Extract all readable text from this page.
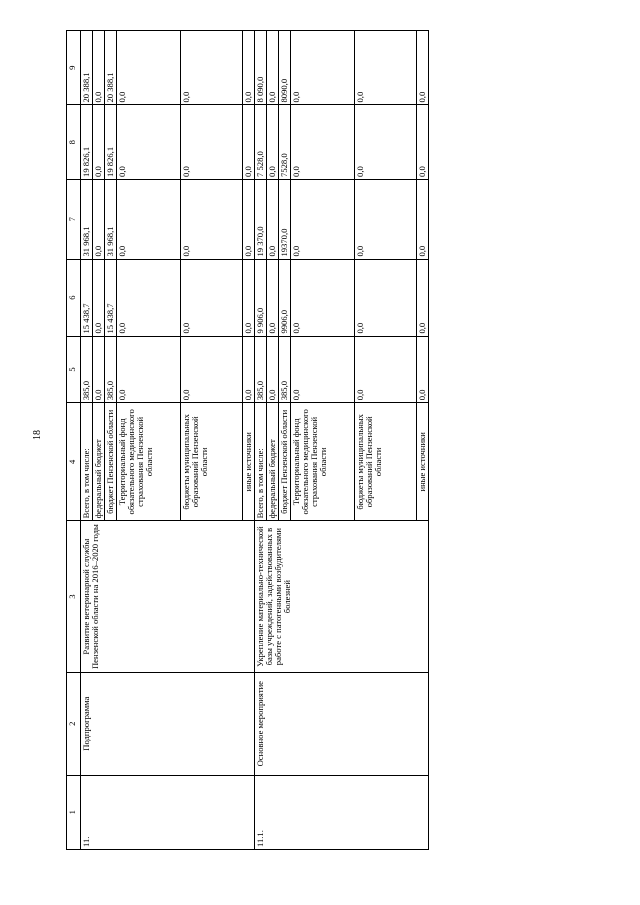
18
1	2	3	4	5	6	7	8	9
11.	Подпрограмма	Развитие ветеринарной службы Пензенской области на 2016–2020 годы	Всего, в том числе:	385,0	15 438,7	31 968,1	19 826,1	20 388,1
			федеральный бюджет	0,0	0,0	0,0	0,0	0,0
			бюджет Пензенской области	385,0	15 438,7	31 968,1	19 826,1	20 388,1
			Территориальный фонд обязательного медицинского страхования Пензенской области	0,0	0,0	0,0	0,0	0,0
			бюджеты муниципальных образований Пензенской области	0,0	0,0	0,0	0,0	0,0
			иные источники	0,0	0,0	0,0	0,0	0,0
11.1.	Основное мероприятие	Укрепление материально-технической базы учреждений, задействованных в работе с патогенными возбудителями болезней	Всего, в том числе:	385,0	9 906,0	19 370,0	7 528,0	8 090,0
			федеральный бюджет	0,0	0,0	0,0	0,0	0,0
			бюджет Пензенской области	385,0	9906,0	19370,0	7528,0	8090,0
			Территориальный фонд обязательного медицинского страхования Пензенской области	0,0	0,0	0,0	0,0	0,0
			бюджеты муниципальных образований Пензенской области	0,0	0,0	0,0	0,0	0,0
			иные источники	0,0	0,0	0,0	0,0	0,0
